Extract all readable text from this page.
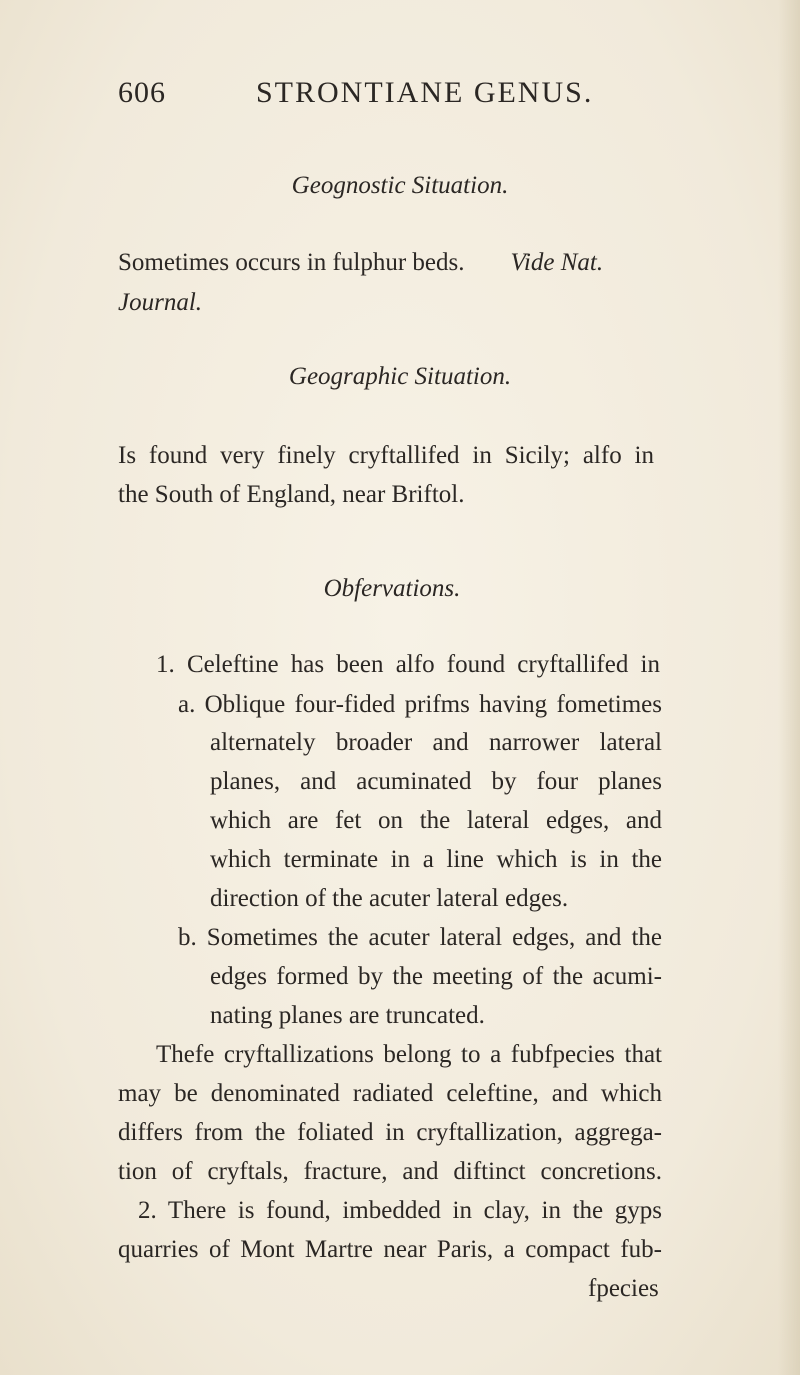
606	STRONTIANE GENUS.
Geognostic Situation.
Sometimes occurs in fulphur beds. Vide Nat.
Journal.
Geographic Situation.
Is found very finely cryftallifed in Sicily; alfo in
the South of England, near Briftol.
Obfervations.
1. Celeftine has been alfo found cryftallifed in
a. Oblique four-fided prifms having fometimes
alternately broader and narrower lateral
planes, and acuminated by four planes
which are fet on the lateral edges, and
which terminate in a line which is in the
direction of the acuter lateral edges.
b. Sometimes the acuter lateral edges, and the
edges formed by the meeting of the acumi-
nating planes are truncated.
Thefe cryftallizations belong to a fubfpecies that
may be denominated radiated celeftine, and which
differs from the foliated in cryftallization, aggrega-
tion of cryftals, fracture, and diftinct concretions.
2. There is found, imbedded in clay, in the gyps
quarries of Mont Martre near Paris, a compact fub-
fpecies
